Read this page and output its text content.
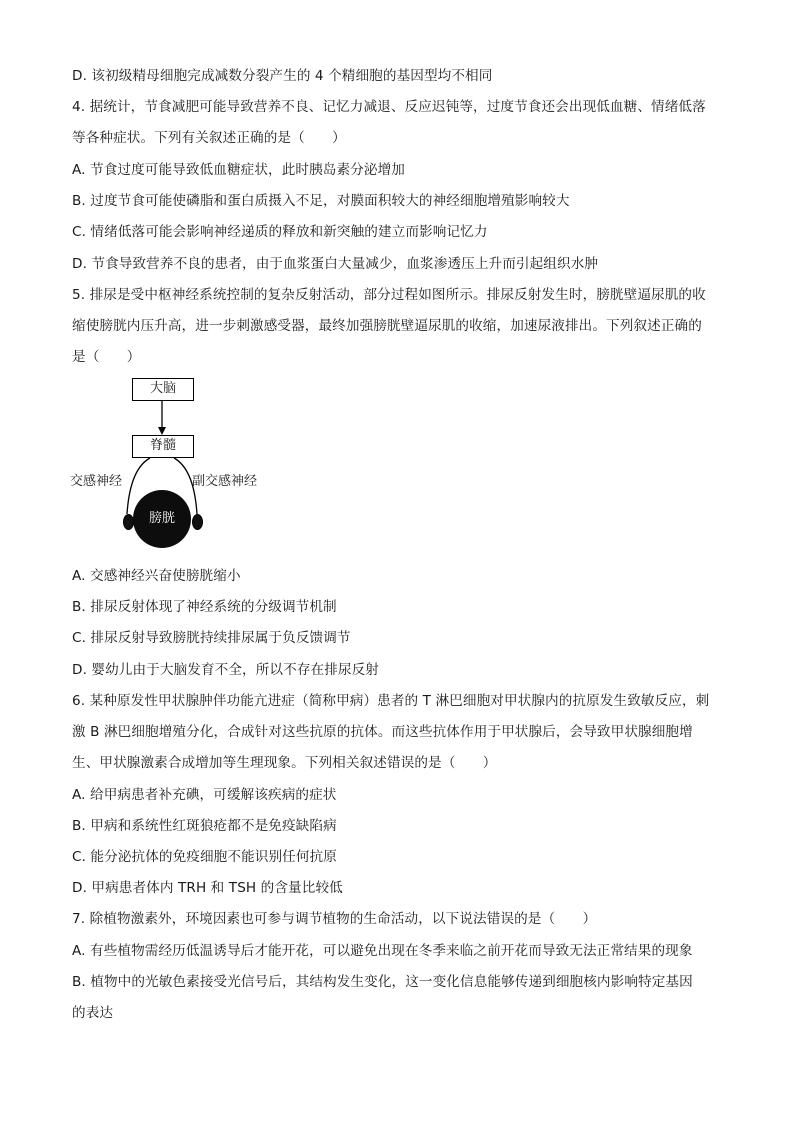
D. 该初级精母细胞完成减数分裂产生的 4 个精细胞的基因型均不相同
4. 据统计，节食减肥可能导致营养不良、记忆力减退、反应迟钝等，过度节食还会出现低血糖、情绪低落
等各种症状。下列有关叙述正确的是（　　）
A. 节食过度可能导致低血糖症状，此时胰岛素分泌增加
B. 过度节食可能使磷脂和蛋白质摄入不足，对膜面积较大的神经细胞增殖影响较大
C. 情绪低落可能会影响神经递质的释放和新突触的建立而影响记忆力
D. 节食导致营养不良的患者，由于血浆蛋白大量减少，血浆渗透压上升而引起组织水肿
5. 排尿是受中枢神经系统控制的复杂反射活动，部分过程如图所示。排尿反射发生时，膀胱壁逼尿肌的收
缩使膀胱内压升高，进一步刺激感受器，最终加强膀胱壁逼尿肌的收缩，加速尿液排出。下列叙述正确的
是（　　）
大脑
脊髓
交感神经	副交感神经
膀胱
A. 交感神经兴奋使膀胱缩小
B. 排尿反射体现了神经系统的分级调节机制
C. 排尿反射导致膀胱持续排尿属于负反馈调节
D. 婴幼儿由于大脑发育不全，所以不存在排尿反射
6. 某种原发性甲状腺肿伴功能亢进症（简称甲病）患者的 T 淋巴细胞对甲状腺内的抗原发生致敏反应，刺
激 B 淋巴细胞增殖分化，合成针对这些抗原的抗体。而这些抗体作用于甲状腺后，会导致甲状腺细胞增
生、甲状腺激素合成增加等生理现象。下列相关叙述错误的是（　　）
A. 给甲病患者补充碘，可缓解该疾病的症状
B. 甲病和系统性红斑狼疮都不是免疫缺陷病
C. 能分泌抗体的免疫细胞不能识别任何抗原
D. 甲病患者体内 TRH 和 TSH 的含量比较低
7. 除植物激素外，环境因素也可参与调节植物的生命活动，以下说法错误的是（　　）
A. 有些植物需经历低温诱导后才能开花，可以避免出现在冬季来临之前开花而导致无法正常结果的现象
B. 植物中的光敏色素接受光信号后，其结构发生变化，这一变化信息能够传递到细胞核内影响特定基因
的表达
